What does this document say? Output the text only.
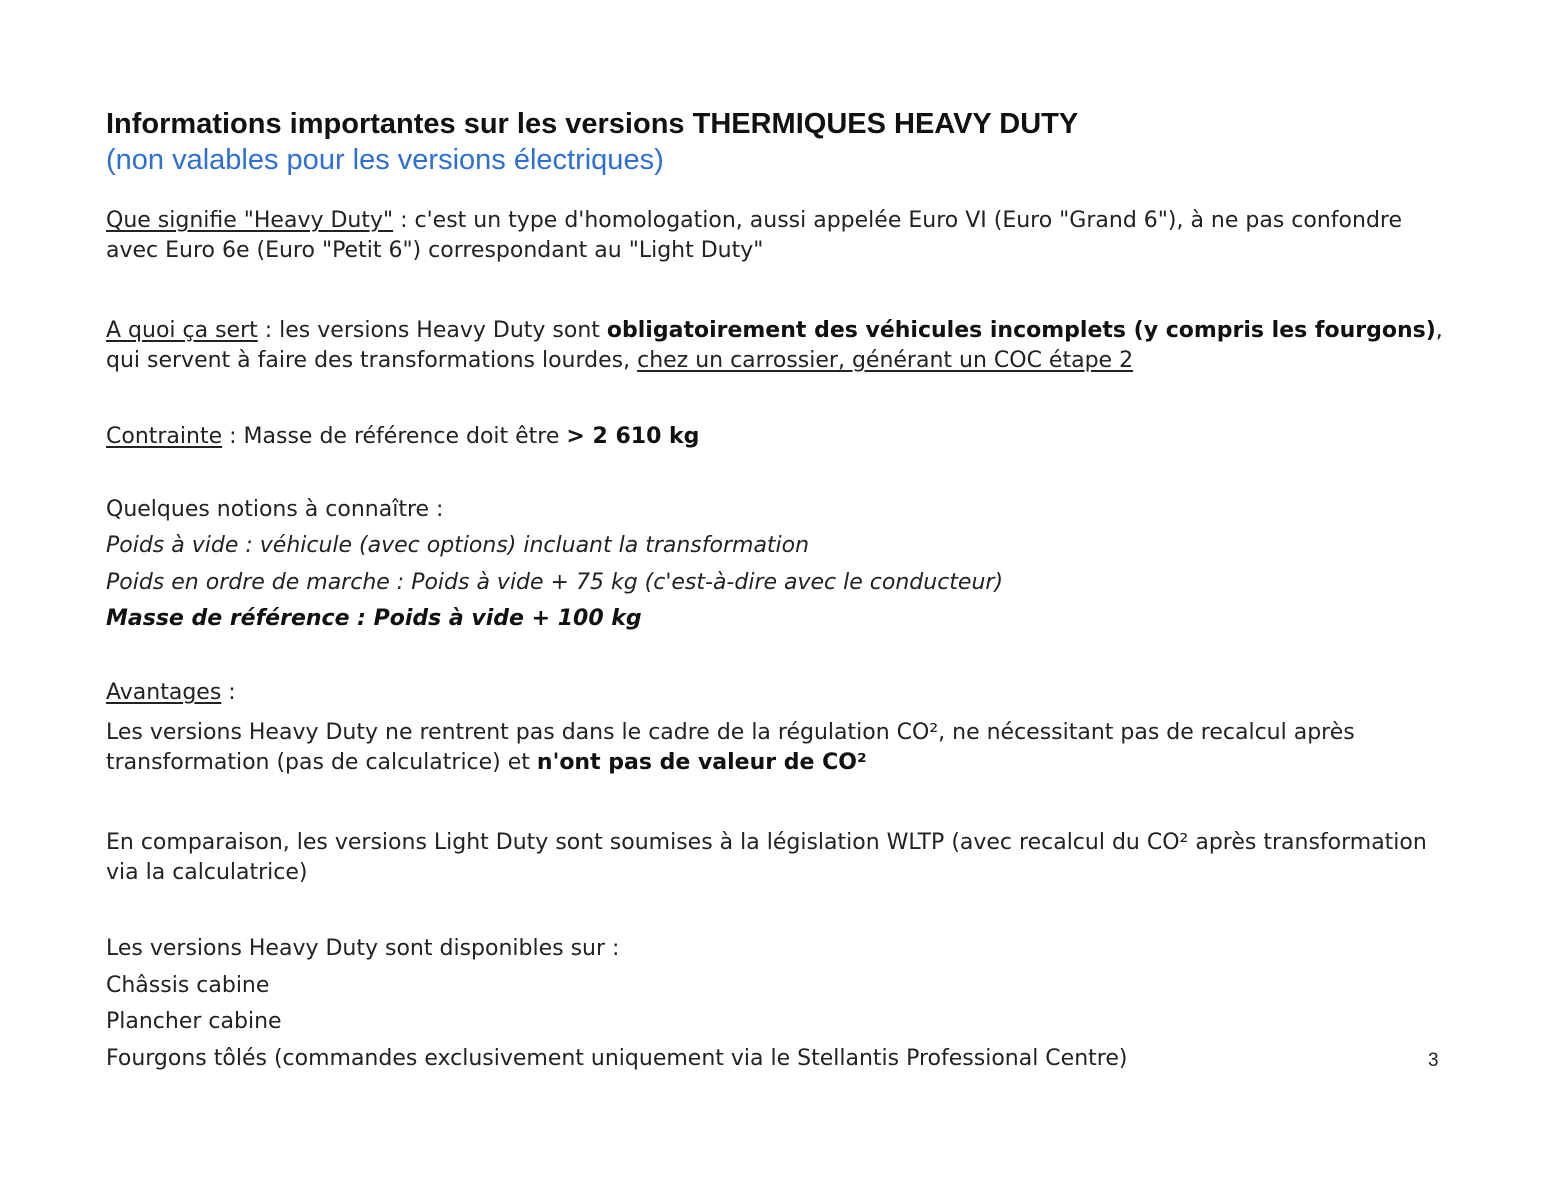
Informations importantes sur les versions THERMIQUES HEAVY DUTY
(non valables pour les versions électriques)
Que signifie "Heavy Duty" : c'est un type d'homologation, aussi appelée Euro VI (Euro "Grand 6"), à ne pas confondre avec Euro 6e (Euro "Petit 6") correspondant au "Light Duty"
A quoi ça sert : les versions Heavy Duty sont obligatoirement des véhicules incomplets (y compris les fourgons), qui servent à faire des transformations lourdes, chez un carrossier, générant un COC étape 2
Contrainte : Masse de référence doit être > 2 610 kg
Quelques notions à connaître :
Poids à vide : véhicule (avec options) incluant la transformation
Poids en ordre de marche : Poids à vide + 75 kg (c'est-à-dire avec le conducteur)
Masse de référence : Poids à vide + 100 kg
Avantages :
Les versions Heavy Duty ne rentrent pas dans le cadre de la régulation CO², ne nécessitant pas de recalcul après transformation (pas de calculatrice) et n'ont pas de valeur de CO²
En comparaison, les versions Light Duty sont soumises à la législation WLTP (avec recalcul du CO² après transformation via la calculatrice)
Les versions Heavy Duty sont disponibles sur :
Châssis cabine
Plancher cabine
Fourgons tôlés (commandes exclusivement uniquement via le Stellantis Professional Centre)	3
